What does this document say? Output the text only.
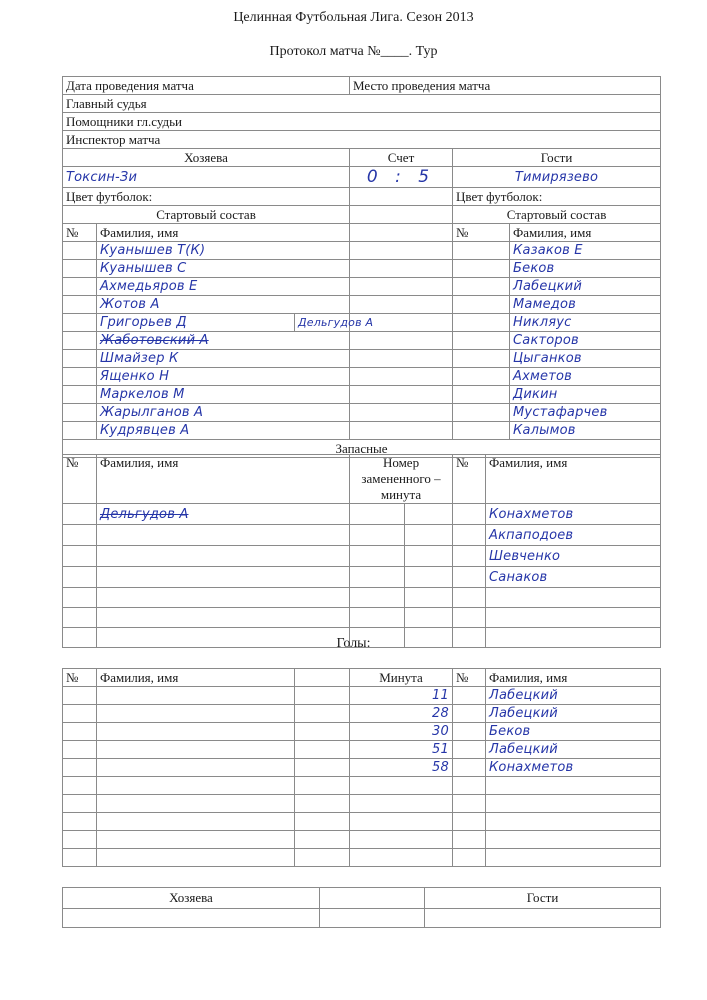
Целинная Футбольная Лига. Сезон 2013
Протокол матча №____. Тур
Дата проведения матча			Место проведения матча		
Главный судья					
Помощники гл.судьи					
Инспектор матча					
Хозяева			Счет	Гости	
Токсин-Зи			0 : 5	Тимирязево	
Цвет футболок:				Цвет футболок:	
Стартовый состав				Стартовый состав	
№	Фамилия, имя			№	Фамилия, имя
	Куанышев Т(К)				Казаков Е
	Куанышев С				Беков
	Ахмедьяров Е				Лабецкий
	Жотов А				Мамедов
	Григорьев Д	Дельгудов А			Никляус
	Жаботовский А				Сакторов
	Шмайзер К				Цыганков
	Ященко Н				Ахметов
	Маркелов М				Дикин
	Жарылганов А				Мустафарчев
	Кудрявцев А				Калымов
Запасные					
№	Фамилия, имя	Номер замененного – минута		№	Фамилия, имя
	Дельгудов А				Конахметов
					Акпаподоев
					Шевченко
					Санаков

Голы:
№	Фамилия, имя		Минута	№	Фамилия, имя
			11		Лабецкий
			28		Лабецкий
			30		Беков
			51		Лабецкий
			58		Конахметов

Хозяева		Гости
